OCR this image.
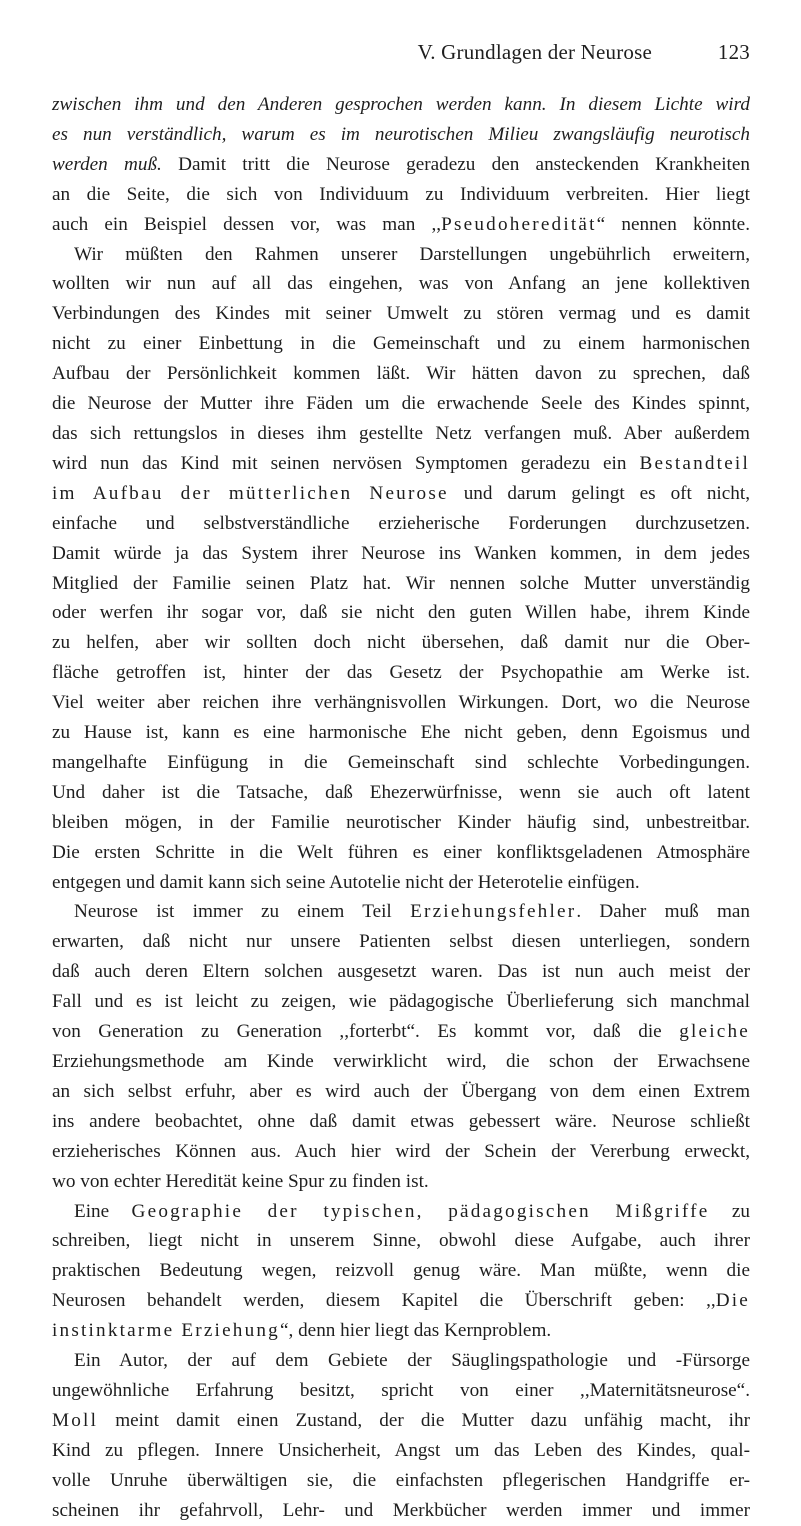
V. Grundlagen der Neurose	123
zwischen ihm und den Anderen gesprochen werden kann. In diesem Lichte wird
es nun verständlich, warum es im neurotischen Milieu zwangsläufig neurotisch
werden muß. Damit tritt die Neurose geradezu den ansteckenden Krankheiten
an die Seite, die sich von Individuum zu Individuum verbreiten. Hier liegt
auch ein Beispiel dessen vor, was man ,,Pseudoheredität“ nennen könnte.
Wir müßten den Rahmen unserer Darstellungen ungebührlich erweitern,
wollten wir nun auf all das eingehen, was von Anfang an jene kollektiven
Verbindungen des Kindes mit seiner Umwelt zu stören vermag und es damit
nicht zu einer Einbettung in die Gemeinschaft und zu einem harmonischen
Aufbau der Persönlichkeit kommen läßt. Wir hätten davon zu sprechen, daß
die Neurose der Mutter ihre Fäden um die erwachende Seele des Kindes spinnt,
das sich rettungslos in dieses ihm gestellte Netz verfangen muß. Aber außerdem
wird nun das Kind mit seinen nervösen Symptomen geradezu ein Bestandteil
im Aufbau der mütterlichen Neurose und darum gelingt es oft nicht,
einfache und selbstverständliche erzieherische Forderungen durchzusetzen.
Damit würde ja das System ihrer Neurose ins Wanken kommen, in dem jedes
Mitglied der Familie seinen Platz hat. Wir nennen solche Mutter unverständig
oder werfen ihr sogar vor, daß sie nicht den guten Willen habe, ihrem Kinde
zu helfen, aber wir sollten doch nicht übersehen, daß damit nur die Ober-
fläche getroffen ist, hinter der das Gesetz der Psychopathie am Werke ist.
Viel weiter aber reichen ihre verhängnisvollen Wirkungen. Dort, wo die Neurose
zu Hause ist, kann es eine harmonische Ehe nicht geben, denn Egoismus und
mangelhafte Einfügung in die Gemeinschaft sind schlechte Vorbedingungen.
Und daher ist die Tatsache, daß Ehezerwürfnisse, wenn sie auch oft latent
bleiben mögen, in der Familie neurotischer Kinder häufig sind, unbestreitbar.
Die ersten Schritte in die Welt führen es einer konfliktsgeladenen Atmosphäre
entgegen und damit kann sich seine Autotelie nicht der Heterotelie einfügen.
Neurose ist immer zu einem Teil Erziehungsfehler. Daher muß man
erwarten, daß nicht nur unsere Patienten selbst diesen unterliegen, sondern
daß auch deren Eltern solchen ausgesetzt waren. Das ist nun auch meist der
Fall und es ist leicht zu zeigen, wie pädagogische Überlieferung sich manchmal
von Generation zu Generation ,,forterbt“. Es kommt vor, daß die gleiche
Erziehungsmethode am Kinde verwirklicht wird, die schon der Erwachsene
an sich selbst erfuhr, aber es wird auch der Übergang von dem einen Extrem
ins andere beobachtet, ohne daß damit etwas gebessert wäre. Neurose schließt
erzieherisches Können aus. Auch hier wird der Schein der Vererbung erweckt,
wo von echter Heredität keine Spur zu finden ist.
Eine Geographie der typischen, pädagogischen Mißgriffe zu
schreiben, liegt nicht in unserem Sinne, obwohl diese Aufgabe, auch ihrer
praktischen Bedeutung wegen, reizvoll genug wäre. Man müßte, wenn die
Neurosen behandelt werden, diesem Kapitel die Überschrift geben: ,,Die
instinktarme Erziehung“, denn hier liegt das Kernproblem.
Ein Autor, der auf dem Gebiete der Säuglingspathologie und -Fürsorge
ungewöhnliche Erfahrung besitzt, spricht von einer ,,Maternitätsneurose“.
Moll meint damit einen Zustand, der die Mutter dazu unfähig macht, ihr
Kind zu pflegen. Innere Unsicherheit, Angst um das Leben des Kindes, qual-
volle Unruhe überwältigen sie, die einfachsten pflegerischen Handgriffe er-
scheinen ihr gefahrvoll, Lehr- und Merkbücher werden immer und immer
